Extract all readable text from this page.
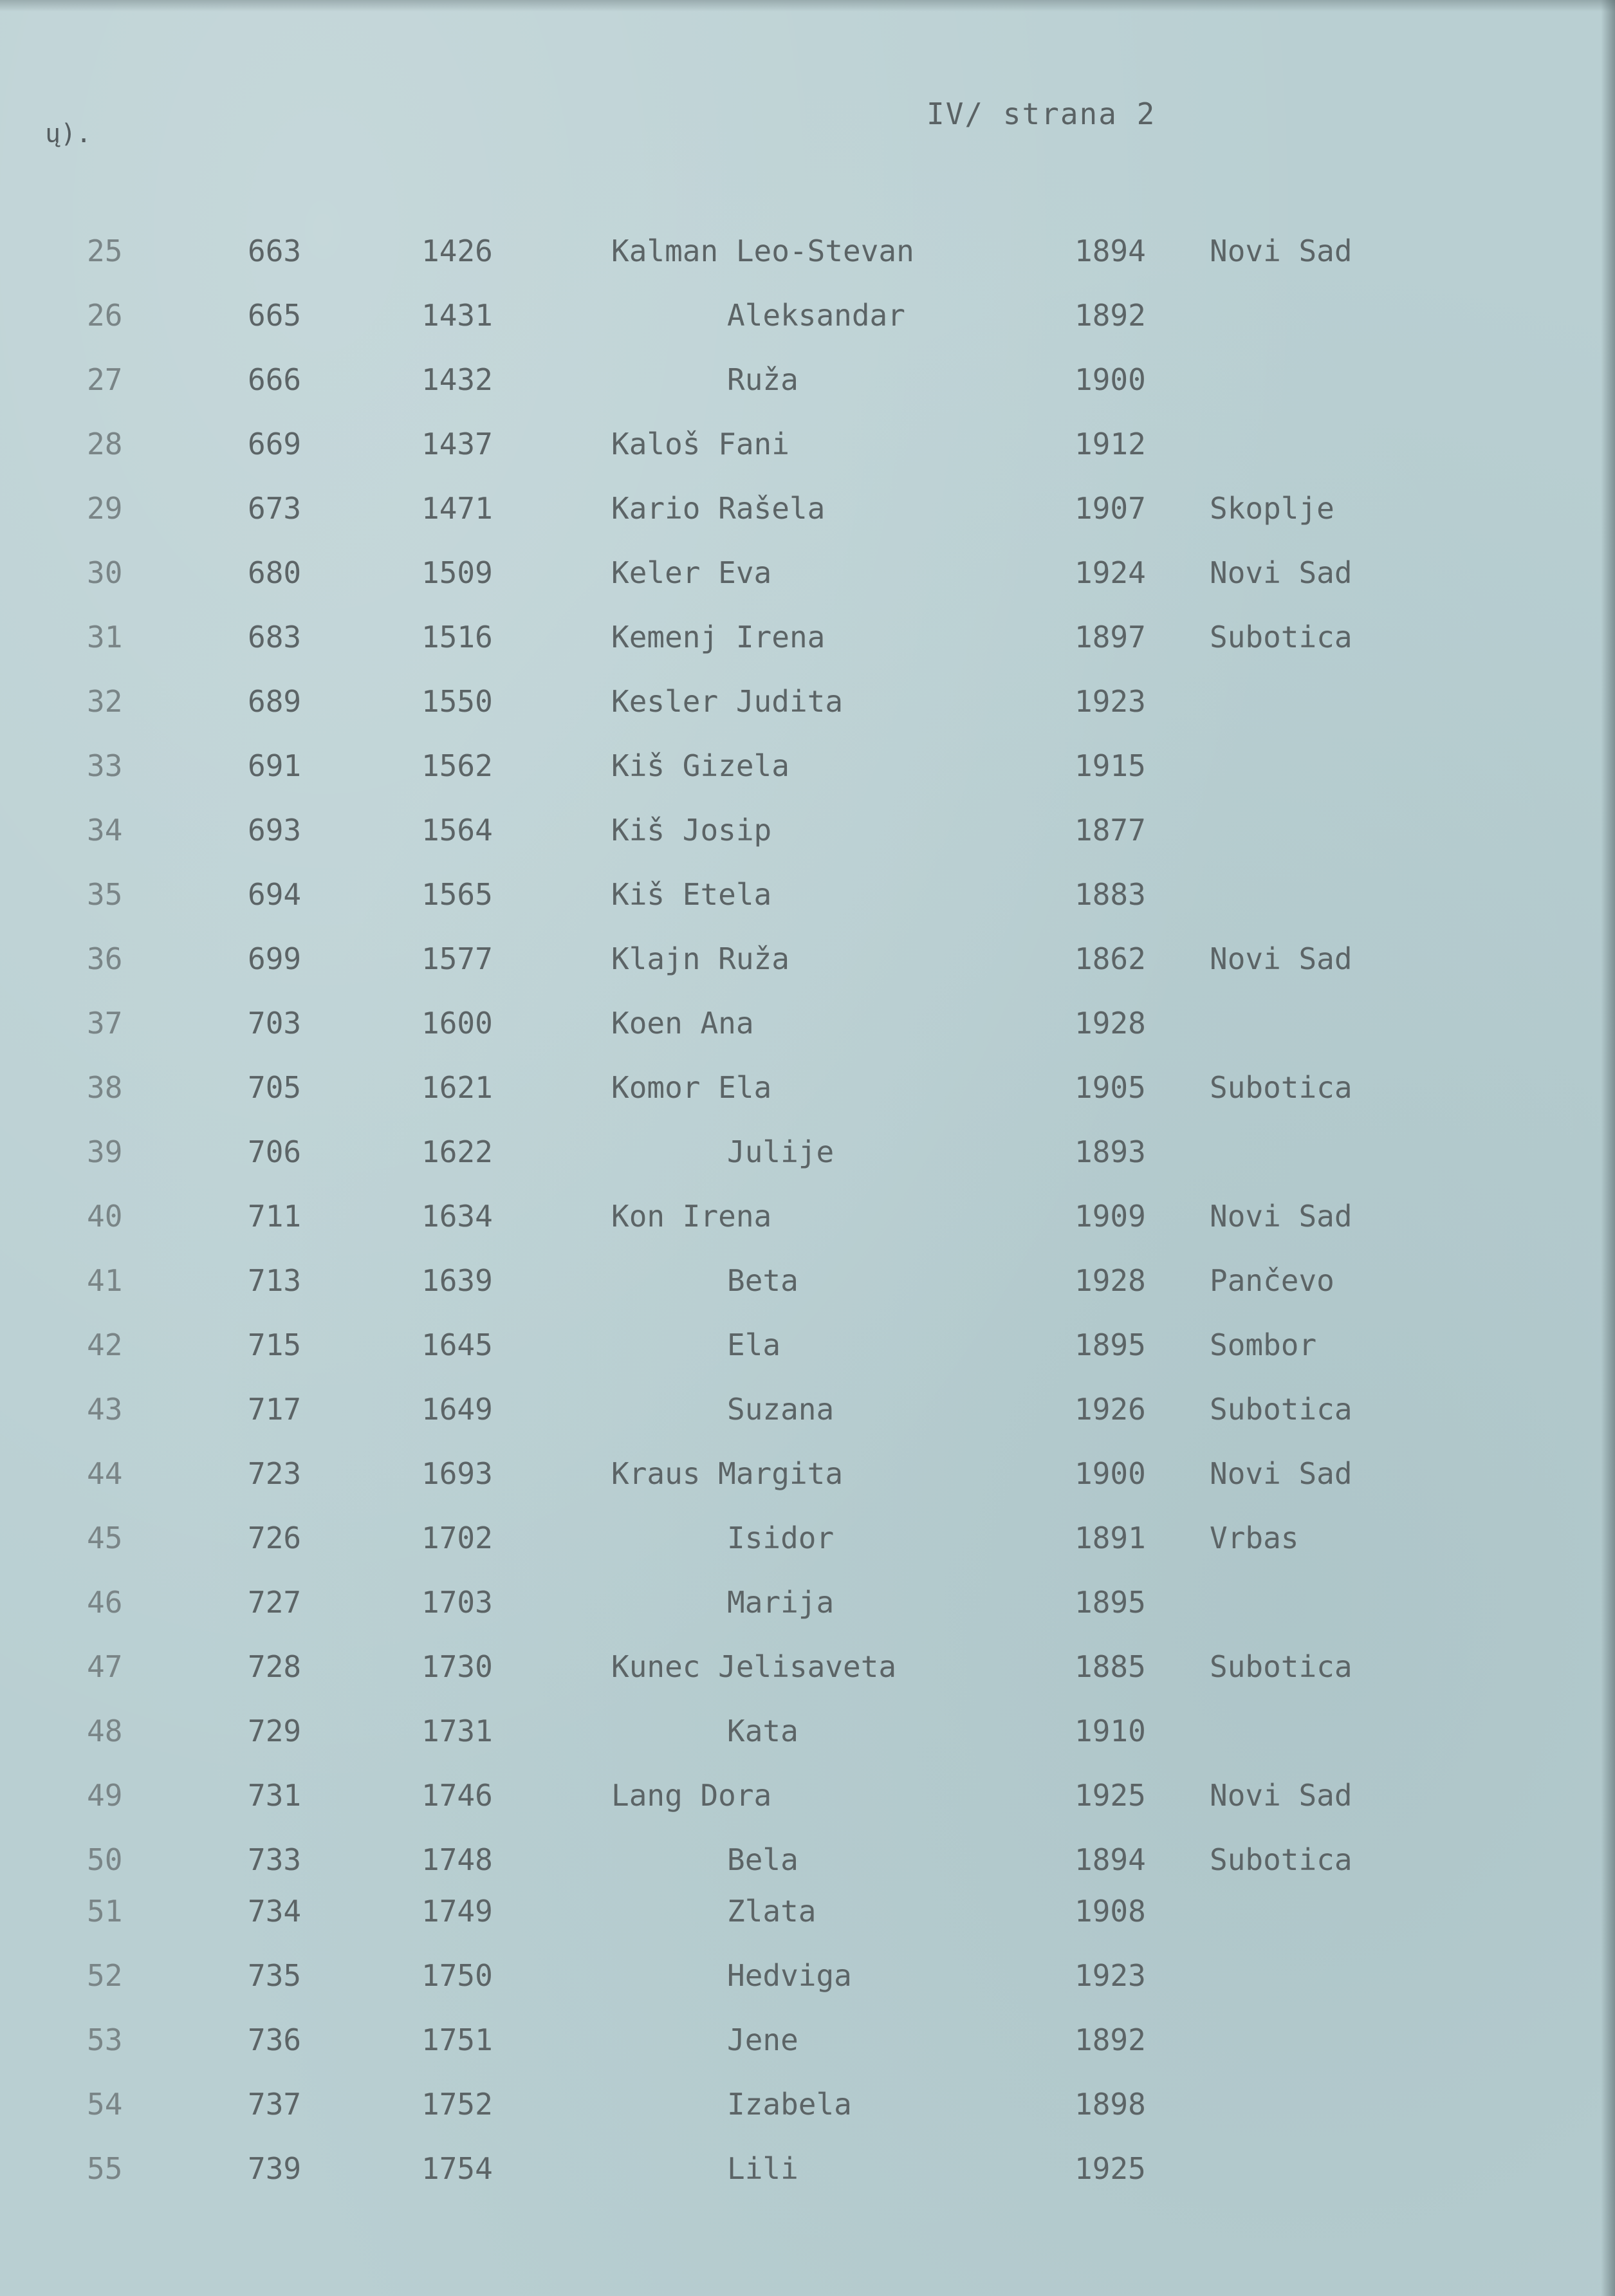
ų).
IV/ strana 2
25	663	1426	Kalman Leo-Stevan	1894 Novi Sad
26	665	1431	Aleksandar	1892
27	666	1432	Ruža	1900
28	669	1437	Kaloš Fani	1912
29	673	1471	Kario Rašela	1907 Skoplje
30	680	1509	Keler Eva	1924 Novi Sad
31	683	1516	Kemenj Irena	1897 Subotica
32	689	1550	Kesler Judita	1923
33	691	1562	Kiš Gizela	1915
34	693	1564	Kiš Josip	1877
35	694	1565	Kiš Etela	1883
36	699	1577	Klajn Ruža	1862 Novi Sad
37	703	1600	Koen Ana	1928
38	705	1621	Komor Ela	1905 Subotica
39	706	1622	Julije	1893
40	711	1634	Kon Irena	1909 Novi Sad
41	713	1639	Beta	1928 Pančevo
42	715	1645	Ela	1895 Sombor
43	717	1649	Suzana	1926 Subotica
44	723	1693	Kraus Margita	1900 Novi Sad
45	726	1702	Isidor	1891 Vrbas
46	727	1703	Marija	1895
47	728	1730	Kunec Jelisaveta	1885 Subotica
48	729	1731	Kata	1910
49	731	1746	Lang Dora	1925 Novi Sad
50	733	1748	Bela	1894 Subotica
51	734	1749	Zlata	1908
52	735	1750	Hedviga	1923
53	736	1751	Jene	1892
54	737	1752	Izabela	1898
55	739	1754	Lili	1925
